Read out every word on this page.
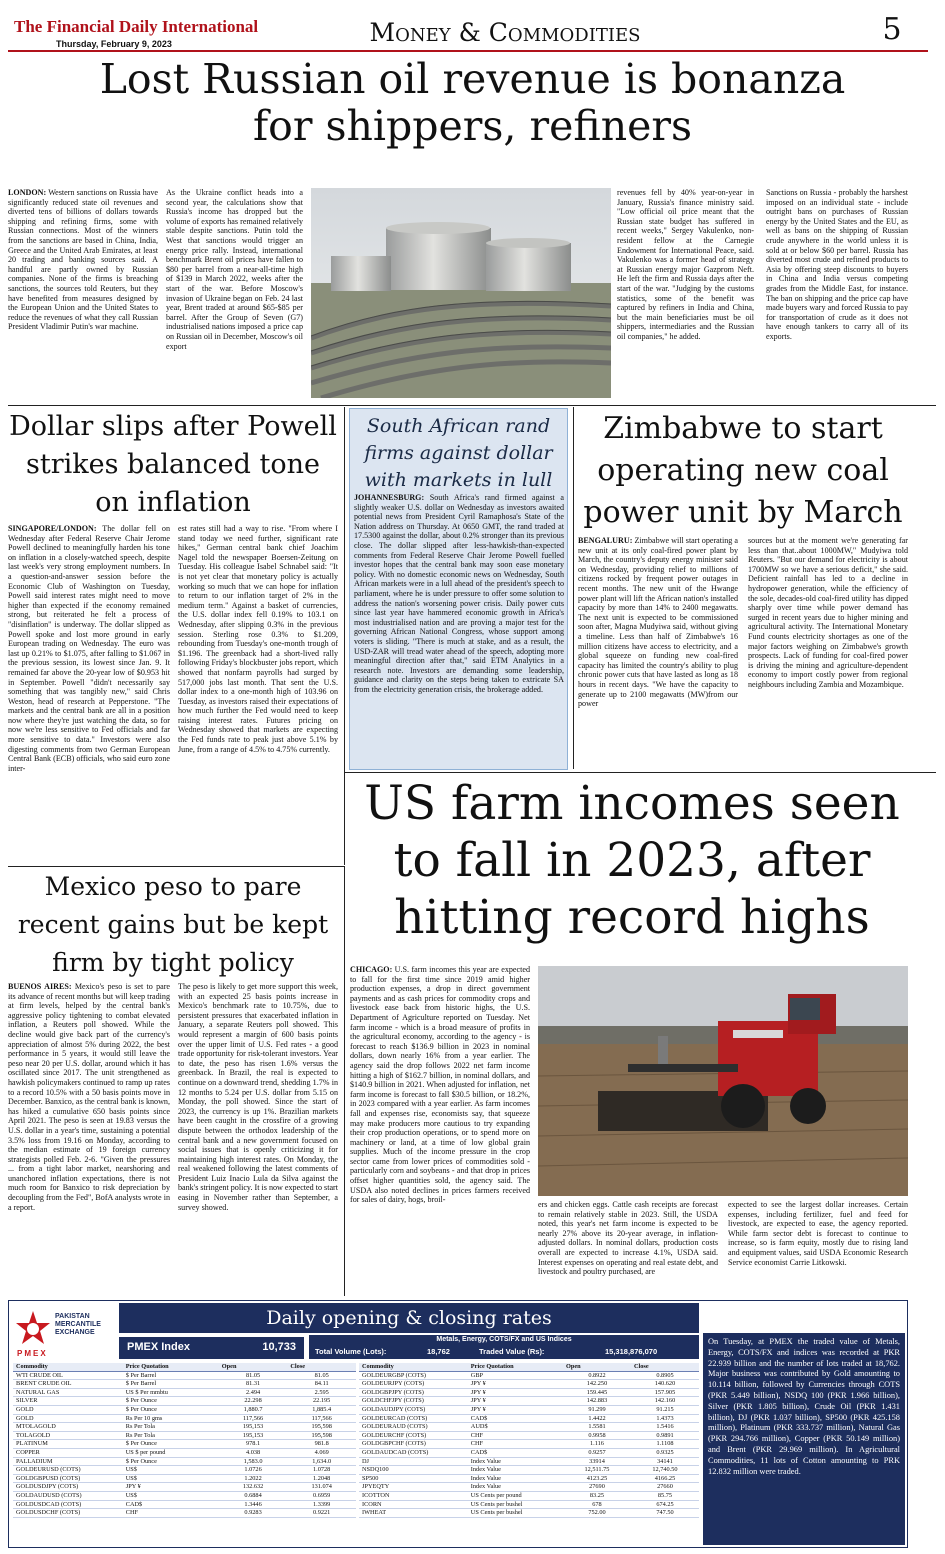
The Financial Daily International
Thursday, February 9, 2023	Money & Commodities	5
Lost Russian oil revenue is bonanza
for shippers, refiners

LONDON: Western sanctions on Russia have significantly reduced state oil revenues and diverted tens of billions of dollars towards shipping and refining firms, some with Russian connections. Most of the winners from the sanctions are based in China, India, Greece and the United Arab Emirates, at least 20 trading and banking sources said. A handful are partly owned by Russian companies. None of the firms is breaching sanctions, the sources told Reuters, but they have benefited from measures designed by the European Union and the United States to reduce the revenues of what they call Russian President Vladimir Putin's war machine.

As the Ukraine conflict heads into a second year, the calculations show that Russia's income has dropped but the volume of exports has remained relatively stable despite sanctions. Putin told the West that sanctions would trigger an energy price rally. Instead, international benchmark Brent oil prices have fallen to $80 per barrel from a near-all-time high of $139 in March 2022, weeks after the start of the war. Before Moscow's invasion of Ukraine began on Feb. 24 last year, Brent traded at around $65-$85 per barrel. After the Group of Seven (G7) industrialised nations imposed a price cap on Russian oil in December, Moscow's oil export

revenues fell by 40% year-on-year in January, Russia's finance ministry said. "Low official oil price meant that the Russian state budget has suffered in recent weeks," Sergey Vakulenko, non-resident fellow at the Carnegie Endowment for International Peace, said. Vakulenko was a former head of strategy at Russian energy major Gazprom Neft. He left the firm and Russia days after the start of the war. "Judging by the customs statistics, some of the benefit was captured by refiners in India and China, but the main beneficiaries must be oil shippers, intermediaries and the Russian oil companies," he added.

Sanctions on Russia - probably the harshest imposed on an individual state - include outright bans on purchases of Russian energy by the United States and the EU, as well as bans on the shipping of Russian crude anywhere in the world unless it is sold at or below $60 per barrel. Russia has diverted most crude and refined products to Asia by offering steep discounts to buyers in China and India versus competing grades from the Middle East, for instance. The ban on shipping and the price cap have made buyers wary and forced Russia to pay for transportation of crude as it does not have enough tankers to carry all of its exports.

Dollar slips after Powell strikes balanced tone on inflation

SINGAPORE/LONDON: The dollar fell on Wednesday after Federal Reserve Chair Jerome Powell declined to meaningfully harden his tone on inflation in a closely-watched speech, despite last week's very strong employment numbers. In a question-and-answer session before the Economic Club of Washington on Tuesday, Powell said interest rates might need to move higher than expected if the economy remained strong, but reiterated he felt a process of "disinflation" is underway. The dollar slipped as Powell spoke and lost more ground in early European trading on Wednesday. The euro was last up 0.21% to $1.075, after falling to $1.067 in the previous session, its lowest since Jan. 9. It remained far above the 20-year low of $0.953 hit in September. Powell "didn't necessarily say something that was tangibly new," said Chris Weston, head of research at Pepperstone. "The markets and the central bank are all in a position now where they're just watching the data, so for now we're less sensitive to Fed officials and far more sensitive to data." Investors were also digesting comments from two German European Central Bank (ECB) officials, who said euro zone inter-

est rates still had a way to rise. "From where I stand today we need further, significant rate hikes," German central bank chief Joachim Nagel told the newspaper Boersen-Zeitung on Tuesday. His colleague Isabel Schnabel said: "It is not yet clear that monetary policy is actually working so much that we can hope for inflation to return to our inflation target of 2% in the medium term." Against a basket of currencies, the U.S. dollar index fell 0.19% to 103.1 on Wednesday, after slipping 0.3% in the previous session. Sterling rose 0.3% to $1.209, rebounding from Tuesday's one-month trough of $1.196. The greenback had a short-lived rally following Friday's blockbuster jobs report, which showed that nonfarm payrolls had surged by 517,000 jobs last month. That sent the U.S. dollar index to a one-month high of 103.96 on Tuesday, as investors raised their expectations of how much further the Fed would need to keep raising interest rates. Futures pricing on Wednesday showed that markets are expecting the Fed funds rate to peak just above 5.1% by June, from a range of 4.5% to 4.75% currently.

South African rand firms against dollar with markets in lull

JOHANNESBURG: South Africa's rand firmed against a slightly weaker U.S. dollar on Wednesday as investors awaited potential news from President Cyril Ramaphosa's State of the Nation address on Thursday. At 0650 GMT, the rand traded at 17.5300 against the dollar, about 0.2% stronger than its previous close. The dollar slipped after less-hawkish-than-expected comments from Federal Reserve Chair Jerome Powell fuelled investor hopes that the central bank may soon ease monetary policy. With no domestic economic news on Wednesday, South African markets were in a lull ahead of the president's speech to parliament, where he is under pressure to offer some solution to address the nation's worsening power crisis. Daily power cuts since last year have hammered economic growth in Africa's most industrialised nation and are proving a major test for the governing African National Congress, whose support among voters is sliding. "There is much at stake, and as a result, the USD-ZAR will tread water ahead of the speech, adopting more meaningful direction after that," said ETM Analytics in a research note. Investors are demanding some leadership, guidance and clarity on the steps being taken to extricate SA from the electricity generation crisis, the brokerage added.

Zimbabwe to start operating new coal power unit by March

BENGALURU: Zimbabwe will start operating a new unit at its only coal-fired power plant by March, the country's deputy energy minister said on Wednesday, providing relief to millions of citizens rocked by frequent power outages in recent months. The new unit of the Hwange power plant will lift the African nation's installed capacity by more than 14% to 2400 megawatts. The next unit is expected to be commissioned soon after, Magna Mudyiwa said, without giving a timeline. Less than half of Zimbabwe's 16 million citizens have access to electricity, and a global squeeze on funding new coal-fired capacity has limited the country's ability to plug chronic power cuts that have lasted as long as 18 hours in recent days. "We have the capacity to generate up to 2100 megawatts (MW)from our power

sources but at the moment we're generating far less than that..about 1000MW," Mudyiwa told Reuters. "But our demand for electricity is about 1700MW so we have a serious deficit," she said. Deficient rainfall has led to a decline in hydropower generation, while the efficiency of the sole, decades-old coal-fired utility has dipped sharply over time while power demand has surged in recent years due to higher mining and agricultural activity. The International Monetary Fund counts electricity shortages as one of the major factors weighing on Zimbabwe's growth prospects. Lack of funding for coal-fired power is driving the mining and agriculture-dependent economy to import costly power from regional neighbours including Zambia and Mozambique.

Mexico peso to pare recent gains but be kept firm by tight policy

BUENOS AIRES: Mexico's peso is set to pare its advance of recent months but will keep trading at firm levels, helped by the central bank's aggressive policy tightening to combat elevated inflation, a Reuters poll showed. While the decline would give back part of the currency's appreciation of almost 5% during 2022, the best performance in 5 years, it would still leave the peso near 20 per U.S. dollar, around which it has oscillated since 2017. The unit strengthened as hawkish policymakers continued to ramp up rates to a record 10.5% with a 50 basis points move in December. Banxico, as the central bank is known, has hiked a cumulative 650 basis points since April 2021. The peso is seen at 19.83 versus the U.S. dollar in a year's time, sustaining a potential 3.5% loss from 19.16 on Monday, according to the median estimate of 19 foreign currency strategists polled Feb. 2-6. "Given the pressures ... from a tight labor market, nearshoring and unanchored inflation expectations, there is not much room for Banxico to risk depreciation by decoupling from the Fed", BofA analysts wrote in a report.

The peso is likely to get more support this week, with an expected 25 basis points increase in Mexico's benchmark rate to 10.75%, due to persistent pressures that exacerbated inflation in January, a separate Reuters poll showed. This would represent a margin of 600 basis points over the upper limit of U.S. Fed rates - a good trade opportunity for risk-tolerant investors. Year to date, the peso has risen 1.6% versus the greenback. In Brazil, the real is expected to continue on a downward trend, shedding 1.7% in 12 months to 5.24 per U.S. dollar from 5.15 on Monday, the poll showed. Since the start of 2023, the currency is up 1%. Brazilian markets have been caught in the crossfire of a growing dispute between the orthodox leadership of the central bank and a new government focused on social issues that is openly criticizing it for maintaining high interest rates. On Monday, the real weakened following the latest comments of President Luiz Inacio Lula da Silva against the bank's stringent policy. It is now expected to start easing in November rather than September, a survey showed.

US farm incomes seen to fall in 2023, after hitting record highs

CHICAGO: U.S. farm incomes this year are expected to fall for the first time since 2019 amid higher production expenses, a drop in direct government payments and as cash prices for commodity crops and livestock ease back from historic highs, the U.S. Department of Agriculture reported on Tuesday. Net farm income - which is a broad measure of profits in the agricultural economy, according to the agency - is forecast to reach $136.9 billion in 2023 in nominal dollars, down nearly 16% from a year earlier. The agency said the drop follows 2022 net farm income hitting a high of $162.7 billion, in nominal dollars, and $140.9 billion in 2021. When adjusted for inflation, net farm income is forecast to fall $30.5 billion, or 18.2%, in 2023 compared with a year earlier. As farm incomes fall and expenses rise, economists say, that squeeze may make producers more cautious to try expanding their crop production operations, or to spend more on machinery or land, at a time of low global grain supplies. Much of the income pressure in the crop sector came from lower prices of commodities sold - particularly corn and soybeans - and that drop in prices offset higher quantities sold, the agency said. The USDA also noted declines in prices farmers received for sales of dairy, hogs, broil-

ers and chicken eggs. Cattle cash receipts are forecast to remain relatively stable in 2023. Still, the USDA noted, this year's net farm income is expected to be nearly 27% above its 20-year average, in inflation-adjusted dollars. In nominal dollars, production costs overall are expected to increase 4.1%, USDA said. Interest expenses on operating and real estate debt, and livestock and poultry purchased, are

expected to see the largest dollar increases. Certain expenses, including fertilizer, fuel and feed for livestock, are expected to ease, the agency reported. While farm sector debt is forecast to continue to increase, so is farm equity, mostly due to rising land and equipment values, said USDA Economic Research Service economist Carrie Litkowski.

PAKISTAN MERCANTILE EXCHANGE
PMEX
Daily opening & closing rates
PMEX Index	10,733
Metals, Energy, COTS/FX and US Indices
Total Volume (Lots):	18,762	Traded Value (Rs):	15,318,876,070
Commodity	Price Quotation	Open	Close
WTI CRUDE OIL	$ Per Barrel	81.05	81.05
BRENT CRUDE OIL	$ Per Barrel	81.31	84.11
NATURAL GAS	US $ Per mmbtu	2.494	2.595
SILVER	$ Per Ounce	22.298	22.195
GOLD	$ Per Ounce	1,880.7	1,885.4
GOLD	Rs Per 10 gms	117,566	117,566
MTOLAGOLD	Rs Per Tola	195,153	195,598
TOLAGOLD	Rs Per Tola	195,153	195,598
PLATINUM	$ Per Ounce	978.1	981.8
COPPER	US $ per pound	4.038	4.069
PALLADIUM	$ Per Ounce	1,583.0	1,634.0
GOLDEURUSD (COTS)	US$	1.0726	1.0728
GOLDGBPUSD (COTS)	US$	1.2022	1.2048
GOLDUSDJPY (COTS)	JPY ¥	132.632	131.074
GOLDAUDUSD (COTS)	US$	0.6884	0.6959
GOLDUSDCAD (COTS)	CAD$	1.3446	1.3399
GOLDUSDCHF (COTS)	CHF	0.9283	0.9221
Commodity	Price Quotation	Open	Close
GOLDEURGBP (COTS)	GBP	0.8922	0.8905
GOLDEURJPY (COTS)	JPY ¥	142.250	140.620
GOLDGBPJPY (COTS)	JPY ¥	159.445	157.905
GOLDCHFJPY (COTS)	JPY ¥	142.883	142.160
GOLDAUDJPY (COTS)	JPY ¥	91.299	91.215
GOLDEURCAD (COTS)	CAD$	1.4422	1.4373
GOLDEURAUD (COTS)	AUD$	1.5581	1.5416
GOLDEURCHF (COTS)	CHF	0.9958	0.9891
GOLDGBPCHF (COTS)	CHF	1.116	1.1108
GOLDAUDCAD (COTS)	CAD$	0.9257	0.9325
DJ	Index Value	33914	34141
NSDQ100	Index Value	12,511.75	12,740.50
SP500	Index Value	4123.25	4166.25
JPYEQTY	Index Value	27690	27660
ICOTTON	US Cents per pound	83.25	85.75
ICORN	US Cents per bushel	678	674.25
IWHEAT	US Cents per bushel	752.00	747.50
On Tuesday, at PMEX the traded value of Metals, Energy, COTS/FX and indices was recorded at PKR 22.939 billion and the number of lots traded at 18,762. Major business was contributed by Gold amounting to 10.114 billion, followed by Currencies through COTS (PKR 5.449 billion), NSDQ 100 (PKR 1.966 billion), Silver (PKR 1.805 billion), Crude Oil (PKR 1.431 billion), DJ (PKR 1.037 billion), SP500 (PKR 425.158 million), Platinum (PKR 333.737 million), Natural Gas (PKR 294.766 million), Copper (PKR 50.149 million) and Brent (PKR 29.969 million). In Agricultural Commodities, 11 lots of Cotton amounting to PRK 12.832 million were traded.
